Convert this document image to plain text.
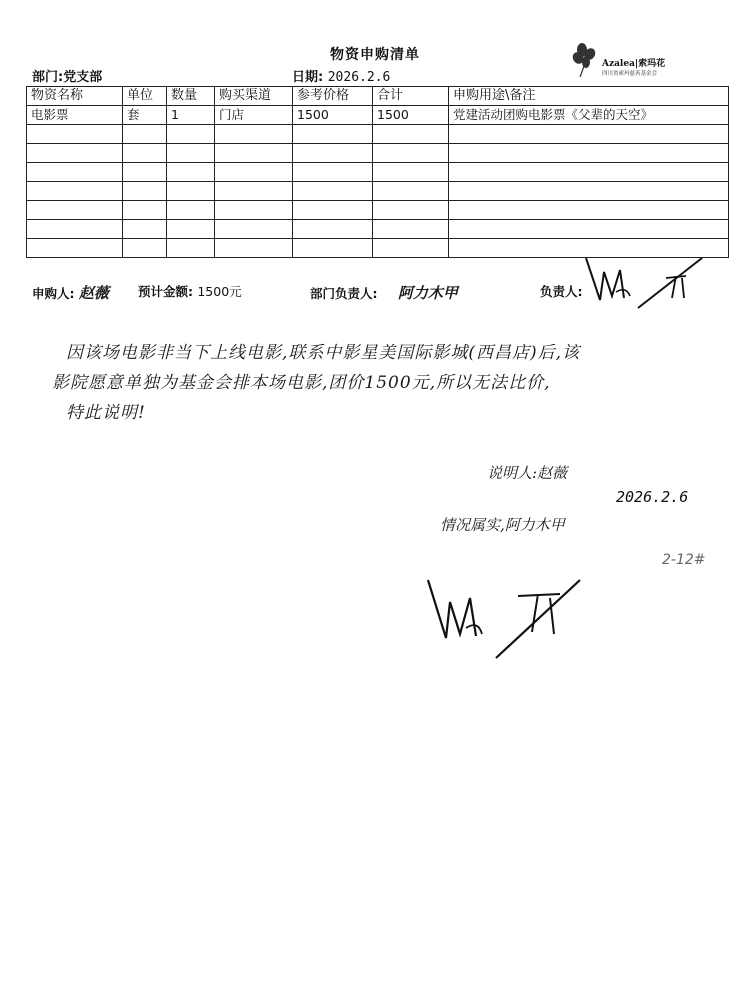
物资申购清单
部门:党支部	日期: 2026.2.6
Azalea|索玛花
四川省索玛慈善基金会
物资名称	单位	数量	购买渠道	参考价格	合计	申购用途\备注
电影票	套	1	门店	1500	1500	党建活动团购电影票《父辈的天空》

申购人: 赵薇 预计金额: 1500元	部门负责人: 阿力木甲	负责人:

因该场电影非当下上线电影,联系中影星美国际影城(西昌店)后,该

影院愿意单独为基金会排本场电影,团价1500元,所以无法比价,

特此说明!

说明人:赵薇
2026.2.6
情况属实,阿力木甲
2-12#
